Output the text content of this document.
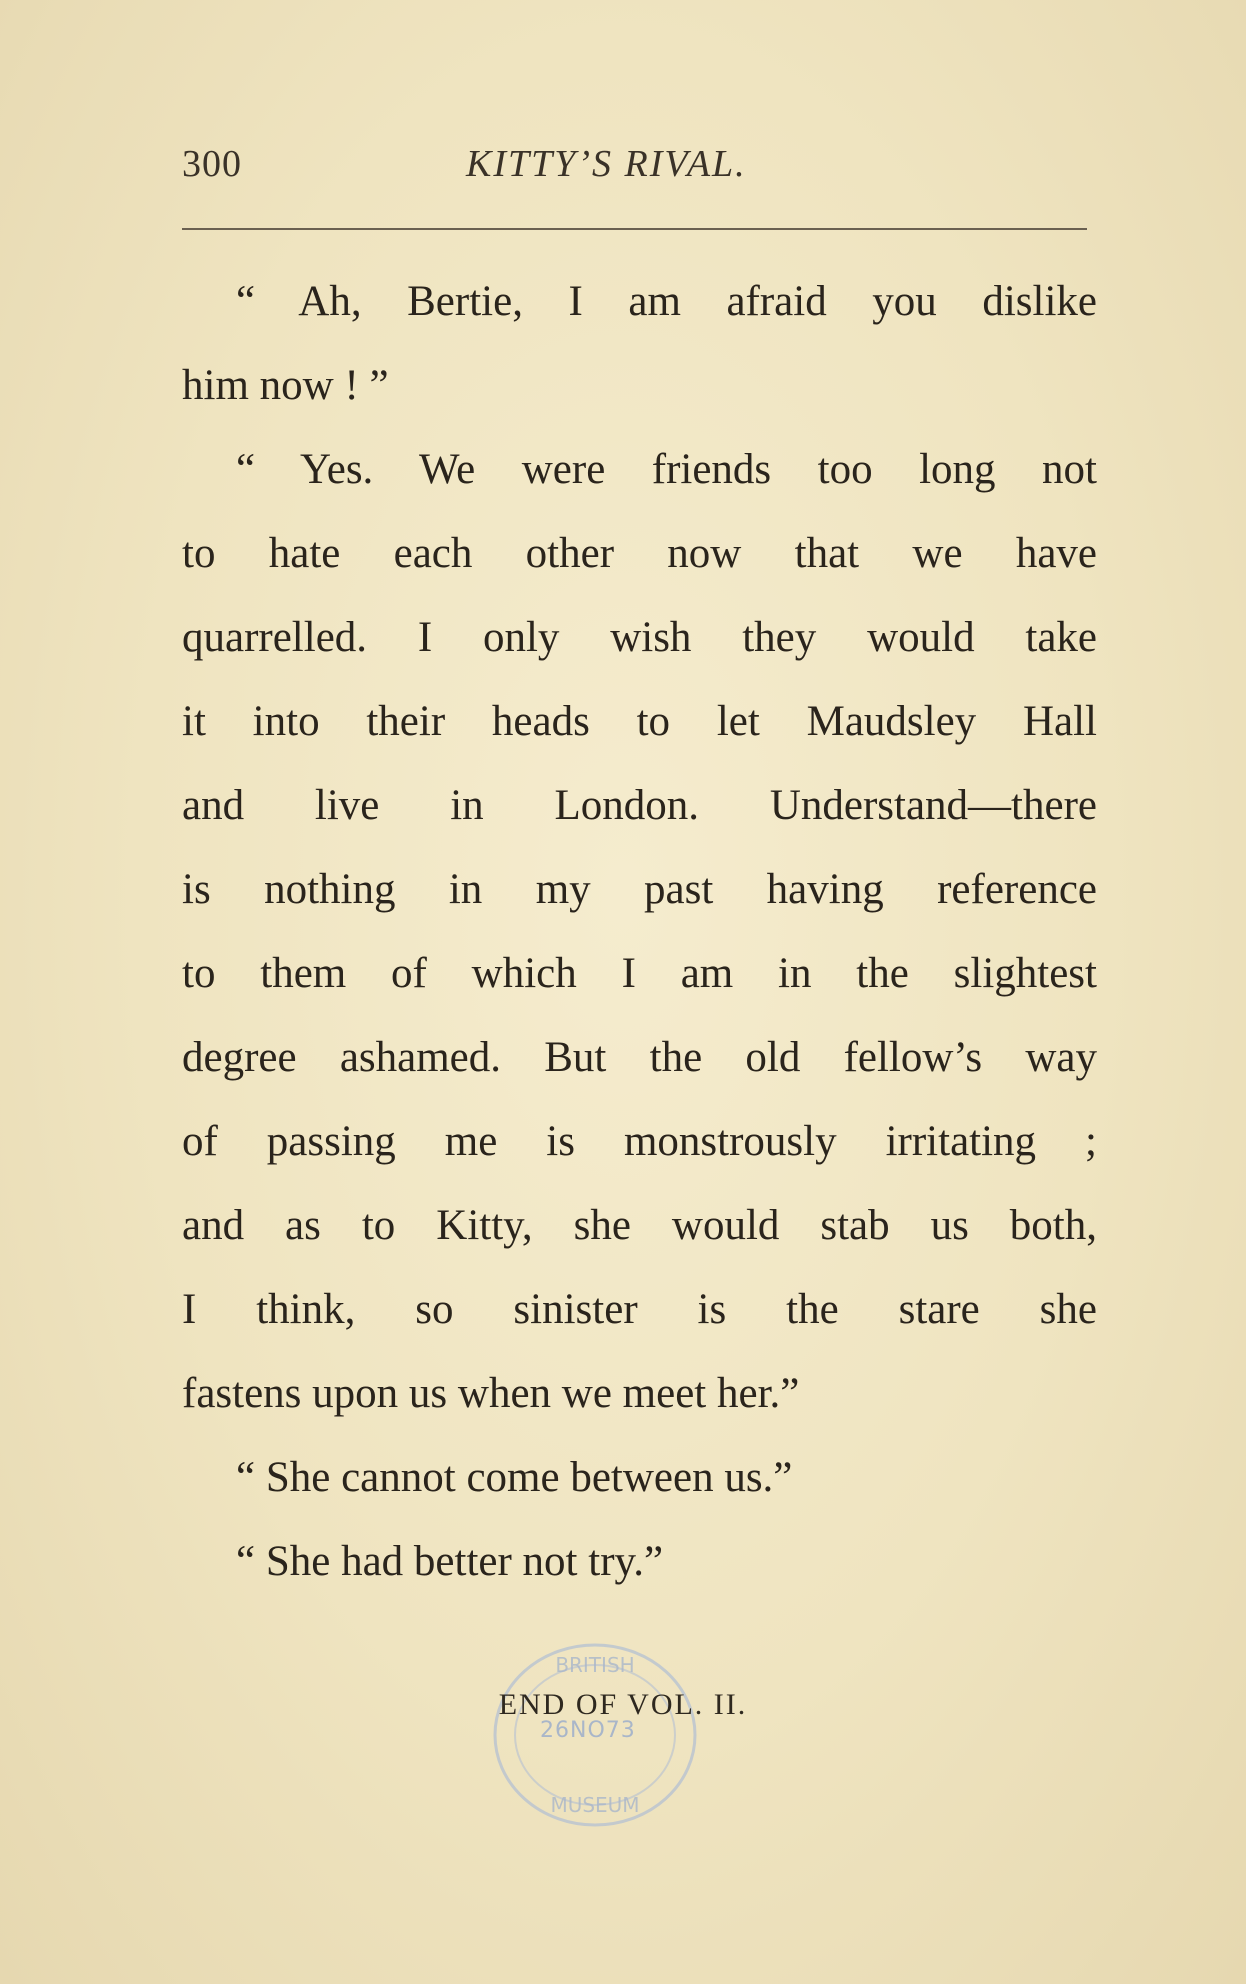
300	KITTY’S RIVAL.
“ Ah, Bertie, I am afraid you dislike
him now ! ”
“ Yes. We were friends too long not
to hate each other now that we have
quarrelled. I only wish they would take
it into their heads to let Maudsley Hall
and live in London. Understand—there
is nothing in my past having reference
to them of which I am in the slightest
degree ashamed. But the old fellow’s way
of passing me is monstrously irritating ;
and as to Kitty, she would stab us both,
I think, so sinister is the stare she
fastens upon us when we meet her.”
“ She cannot come between us.”
“ She had better not try.”
BRITISH
MUSEUM
26NO73
END OF VOL. II.
